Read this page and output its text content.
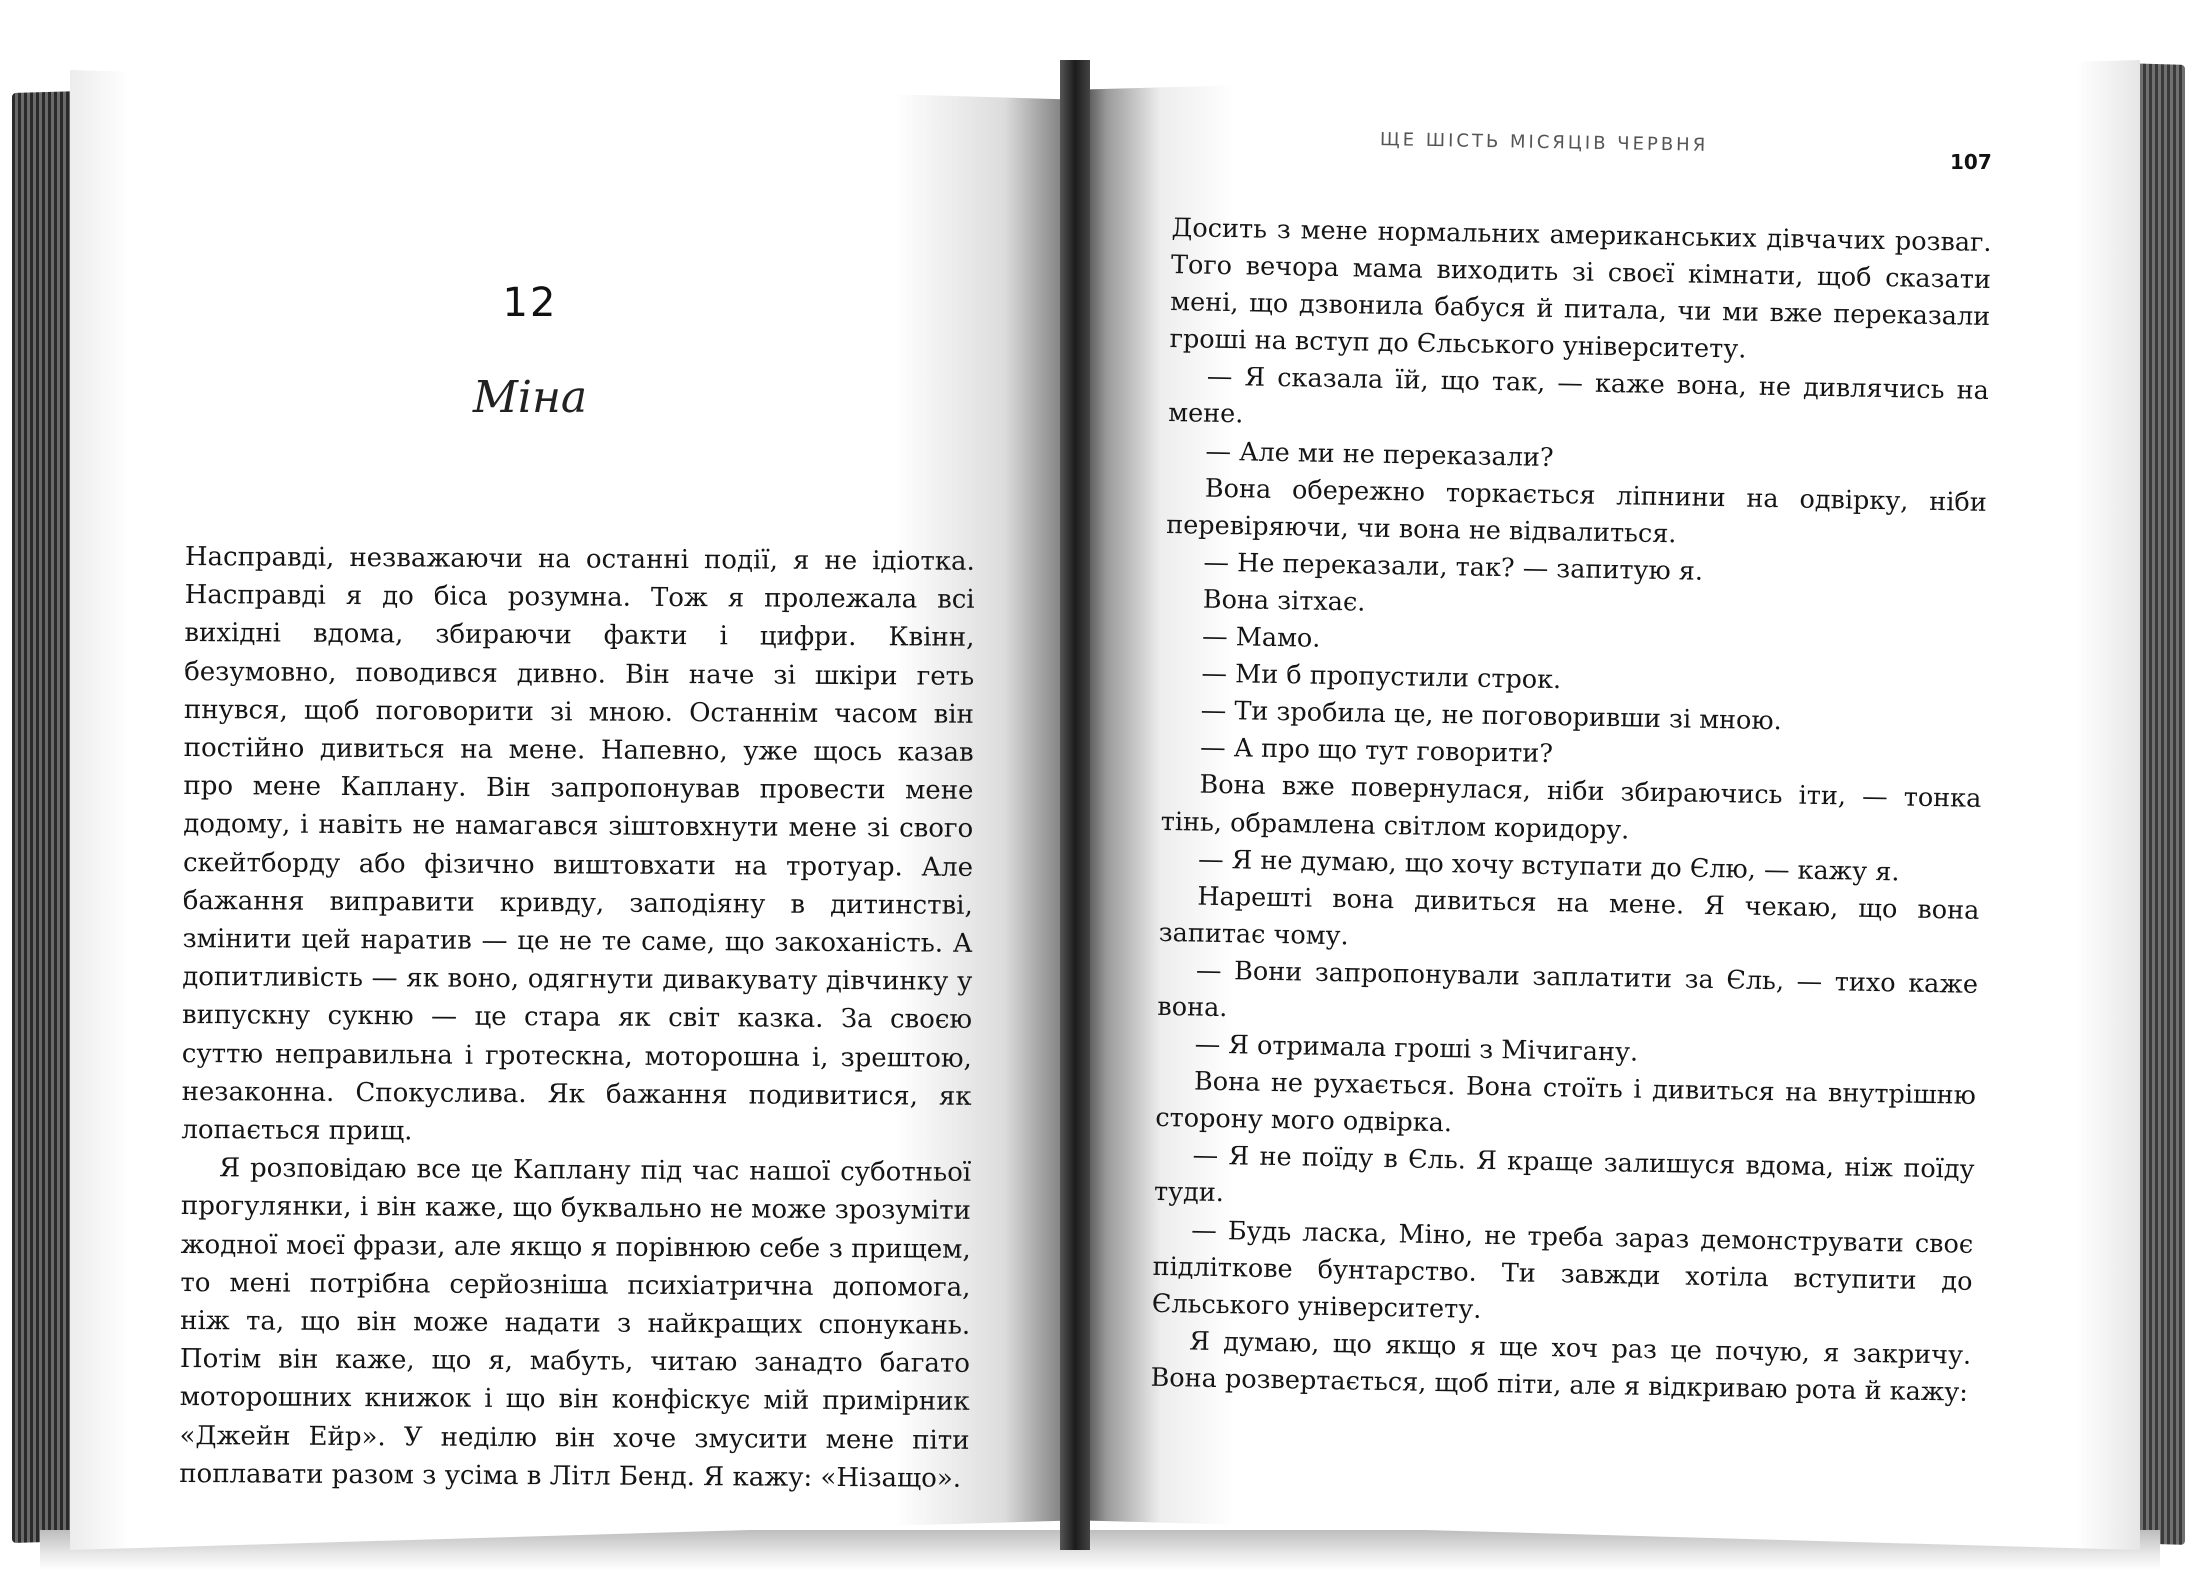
12
Міна

Насправді, незважаючи на останні події, я не ідіотка. Насправді я до біса розумна. Тож я пролежала всі вихідні вдома, збираючи факти і цифри. Квінн, безумовно, поводився дивно. Він наче зі шкіри геть пнувся, щоб поговорити зі мною. Останнім часом він постійно дивиться на мене. Напевно, уже щось казав про мене Каплану. Він запропонував провести мене додому, і навіть не намагався зіштовхнути мене зі свого скейтборду або фізично виштовхати на тротуар. Але бажання виправити кривду, заподіяну в дитинстві, змінити цей наратив — це не те саме, що закоханість. А допитливість — як воно, одягнути дивакувату дівчинку у випускну сукню — це стара як світ казка. За своєю суттю неправильна і гротескна, моторошна і, зрештою, незаконна. Спокуслива. Як бажання подивитися, як лопається прищ.

Я розповідаю все це Каплану під час нашої суботньої прогулянки, і він каже, що буквально не може зрозуміти жодної моєї фрази, але якщо я порівнюю себе з прищем, то мені потрібна серйозніша психіатрична допомога, ніж та, що він може надати з найкращих спонукань. Потім він каже, що я, мабуть, читаю занадто багато моторошних книжок і що він конфіскує мій примірник «Джейн Ейр». У неділю він хоче змусити мене піти поплавати разом з усіма в Літл Бенд. Я кажу: «Нізащо».

ЩЕ ШІСТЬ МІСЯЦІВ ЧЕРВНЯ
107

Досить з мене нормальних американських дівчачих розваг. Того вечора мама виходить зі своєї кімнати, щоб сказати мені, що дзвонила бабуся й питала, чи ми вже переказали гроші на вступ до Єльського університету.

— Я сказала їй, що так, — каже вона, не дивлячись на мене.

— Але ми не переказали?

Вона обережно торкається ліпнини на одвірку, ніби перевіряючи, чи вона не відвалиться.

— Не переказали, так? — запитую я.

Вона зітхає.

— Мамо.

— Ми б пропустили строк.

— Ти зробила це, не поговоривши зі мною.

— А про що тут говорити?

Вона вже повернулася, ніби збираючись іти, — тонка тінь, обрамлена світлом коридору.

— Я не думаю, що хочу вступати до Єлю, — кажу я.

Нарешті вона дивиться на мене. Я чекаю, що вона запитає чому.

— Вони запропонували заплатити за Єль, — тихо каже вона.

— Я отримала гроші з Мічигану.

Вона не рухається. Вона стоїть і дивиться на внутрішню сторону мого одвірка.

— Я не поїду в Єль. Я краще залишуся вдома, ніж поїду туди.

— Будь ласка, Міно, не треба зараз демонструвати своє підліткове бунтарство. Ти завжди хотіла вступити до Єльського університету.

Я думаю, що якщо я ще хоч раз це почую, я закричу. Вона розвертається, щоб піти, але я відкриваю рота й кажу:
